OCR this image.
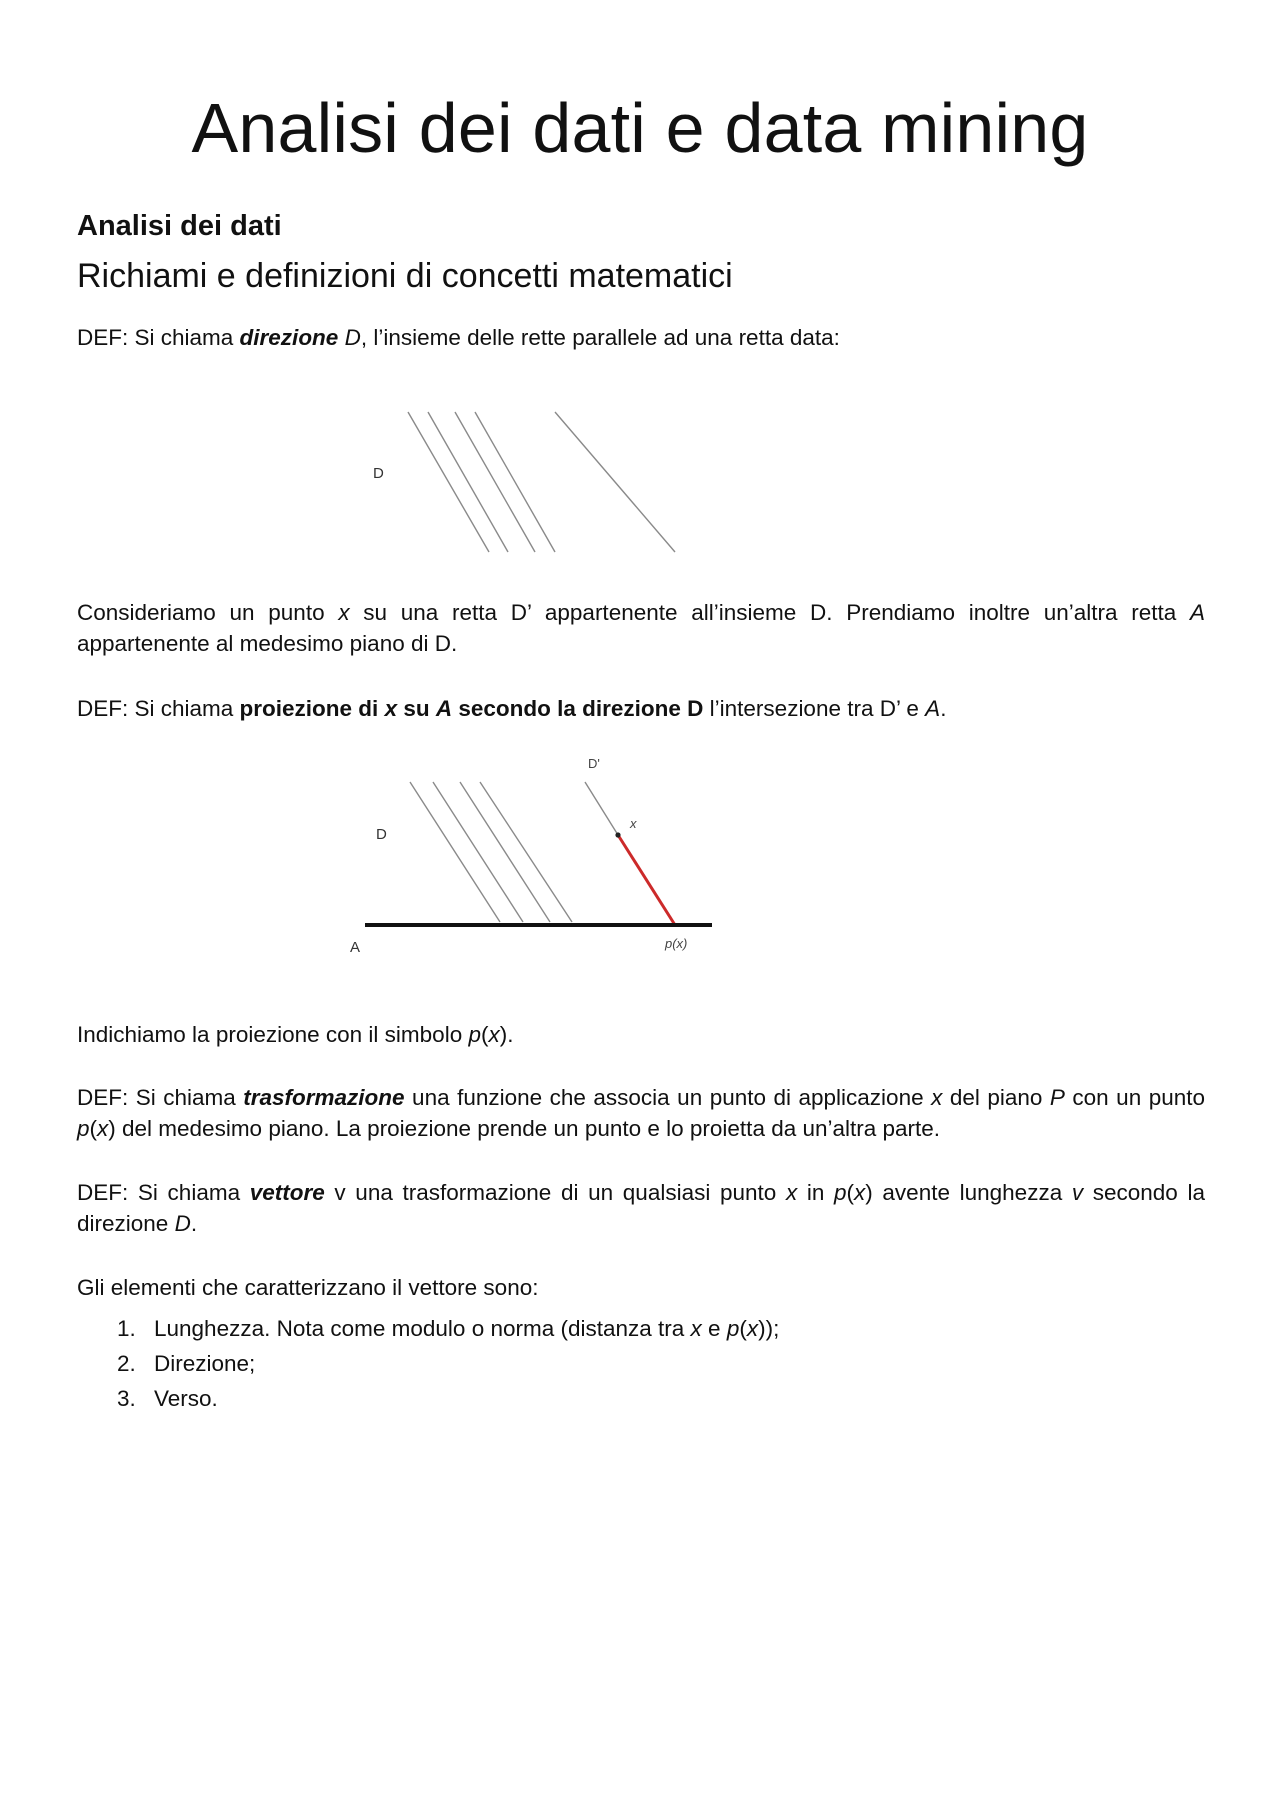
Analisi dei dati e data mining
Analisi dei dati
Richiami e definizioni di concetti matematici

DEF: Si chiama direzione D, l’insieme delle rette parallele ad una retta data:

D

Consideriamo un punto x su una retta D’ appartenente all’insieme D. Prendiamo inoltre un’altra retta A appartenente al medesimo piano di D.

DEF: Si chiama proiezione di x su A secondo la direzione D l’intersezione tra D’ e A.

D'
x
D
A	p(x)

Indichiamo la proiezione con il simbolo p(x).

DEF: Si chiama trasformazione una funzione che associa un punto di applicazione x del piano P con un punto p(x) del medesimo piano. La proiezione prende un punto e lo proietta da un’altra parte.

DEF: Si chiama vettore v una trasformazione di un qualsiasi punto x in p(x) avente lunghezza v secondo la direzione D.

Gli elementi che caratterizzano il vettore sono:

1. Lunghezza. Nota come modulo o norma (distanza tra x e p(x));
2. Direzione;
3. Verso.
